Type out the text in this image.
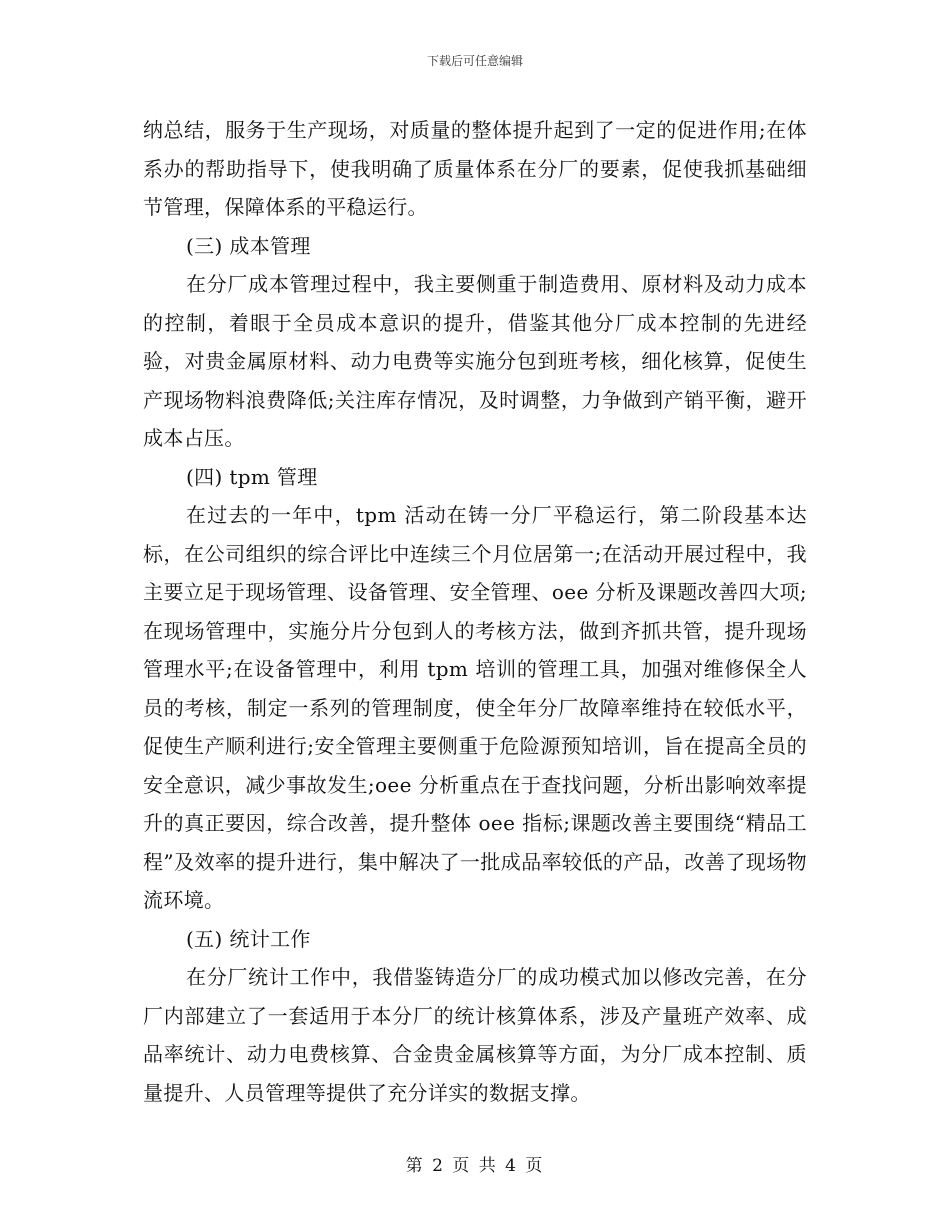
下载后可任意编辑

纳总结，服务于生产现场，对质量的整体提升起到了一定的促进作用;在体系办的帮助指导下，使我明确了质量体系在分厂的要素，促使我抓基础细节管理，保障体系的平稳运行。

(三) 成本管理

在分厂成本管理过程中，我主要侧重于制造费用、原材料及动力成本的控制，着眼于全员成本意识的提升，借鉴其他分厂成本控制的先进经验，对贵金属原材料、动力电费等实施分包到班考核，细化核算，促使生产现场物料浪费降低;关注库存情况，及时调整，力争做到产销平衡，避开成本占压。

(四) tpm 管理

在过去的一年中，tpm 活动在铸一分厂平稳运行，第二阶段基本达标，在公司组织的综合评比中连续三个月位居第一;在活动开展过程中，我主要立足于现场管理、设备管理、安全管理、oee 分析及课题改善四大项;在现场管理中，实施分片分包到人的考核方法，做到齐抓共管，提升现场管理水平;在设备管理中，利用 tpm 培训的管理工具，加强对维修保全人员的考核，制定一系列的管理制度，使全年分厂故障率维持在较低水平，促使生产顺利进行;安全管理主要侧重于危险源预知培训，旨在提高全员的安全意识，减少事故发生;oee 分析重点在于查找问题，分析出影响效率提升的真正要因，综合改善，提升整体 oee 指标;课题改善主要围绕“精品工程”及效率的提升进行，集中解决了一批成品率较低的产品，改善了现场物流环境。

(五) 统计工作

在分厂统计工作中，我借鉴铸造分厂的成功模式加以修改完善，在分厂内部建立了一套适用于本分厂的统计核算体系，涉及产量班产效率、成品率统计、动力电费核算、合金贵金属核算等方面，为分厂成本控制、质量提升、人员管理等提供了充分详实的数据支撑。

第 2 页 共 4 页
